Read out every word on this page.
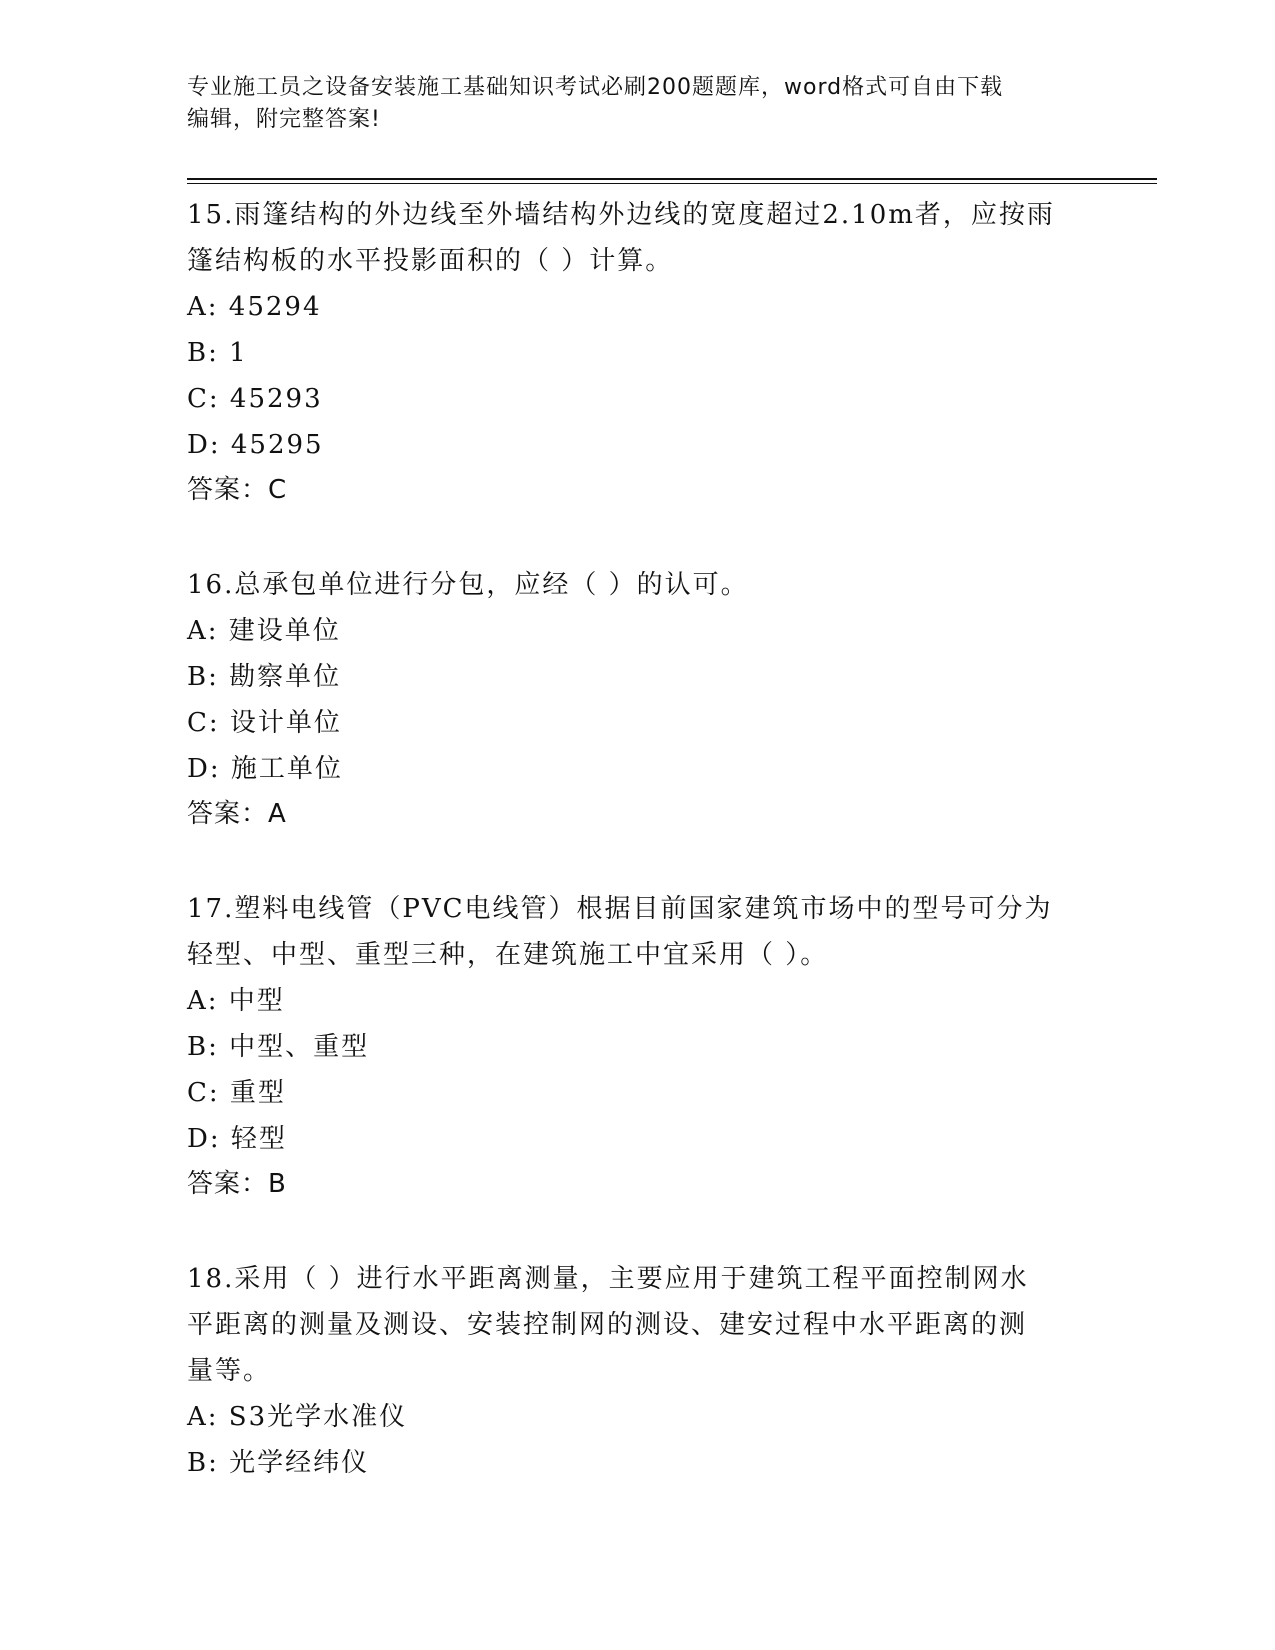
专业施工员之设备安装施工基础知识考试必刷200题题库，word格式可自由下载
编辑，附完整答案!

15.雨篷结构的外边线至外墙结构外边线的宽度超过2.10m者，应按雨

篷结构板的水平投影面积的（ ）计算。

A: 45294

B: 1

C: 45293

D: 45295

答案：C

16.总承包单位进行分包，应经（ ）的认可。

A: 建设单位

B: 勘察单位

C: 设计单位

D: 施工单位

答案：A

17.塑料电线管（PVC电线管）根据目前国家建筑市场中的型号可分为

轻型、中型、重型三种，在建筑施工中宜采用（ ）。

A: 中型

B: 中型、重型

C: 重型

D: 轻型

答案：B

18.采用（ ）进行水平距离测量，主要应用于建筑工程平面控制网水

平距离的测量及测设、安装控制网的测设、建安过程中水平距离的测

量等。

A: S3光学水准仪

B: 光学经纬仪
